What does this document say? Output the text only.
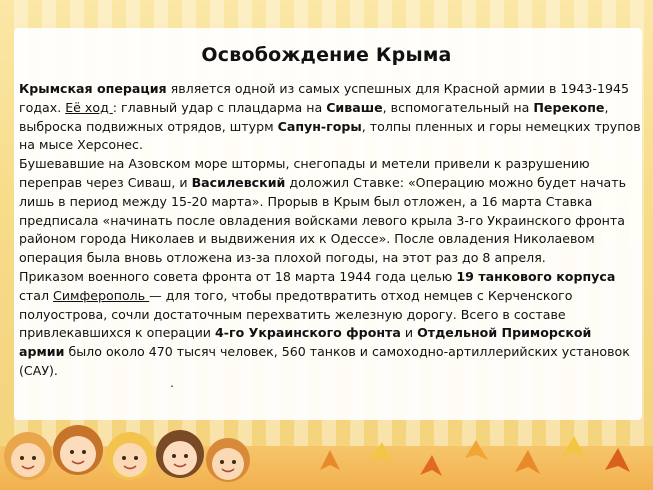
Освобождение Крыма

Крымская операция является одной из самых успешных для Красной армии в 1943-1945 годах. Её ход : главный удар с плацдарма на Сиваше, вспомогательный на Перекопе, выброска подвижных отрядов, штурм Сапун-горы, толпы пленных и горы немецких трупов на мысе Херсонес.

Бушевавшие на Азовском море штормы, снегопады и метели привели к разрушению переправ через Сиваш, и Василевский доложил Ставке: «Операцию можно будет начать лишь в период между 15-20 марта». Прорыв в Крым был отложен, а 16 марта Ставка предписала «начинать после овладения войсками левого крыла 3-го Украинского фронта районом города Николаев и выдвижения их к Одессе». После овладения Николаевом операция была вновь отложена из-за плохой погоды, на этот раз до 8 апреля.

Приказом военного совета фронта от 18 марта 1944 года целью 19 танкового корпуса стал Симферополь — для того, чтобы предотвратить отход немцев с Керченского полуострова, сочли достаточным перехватить железную дорогу. Всего в составе привлекавшихся к операции 4-го Украинского фронта и Отдельной Приморской армии было около 470 тысяч человек, 560 танков и самоходно-артиллерийских установок (САУ).

.
